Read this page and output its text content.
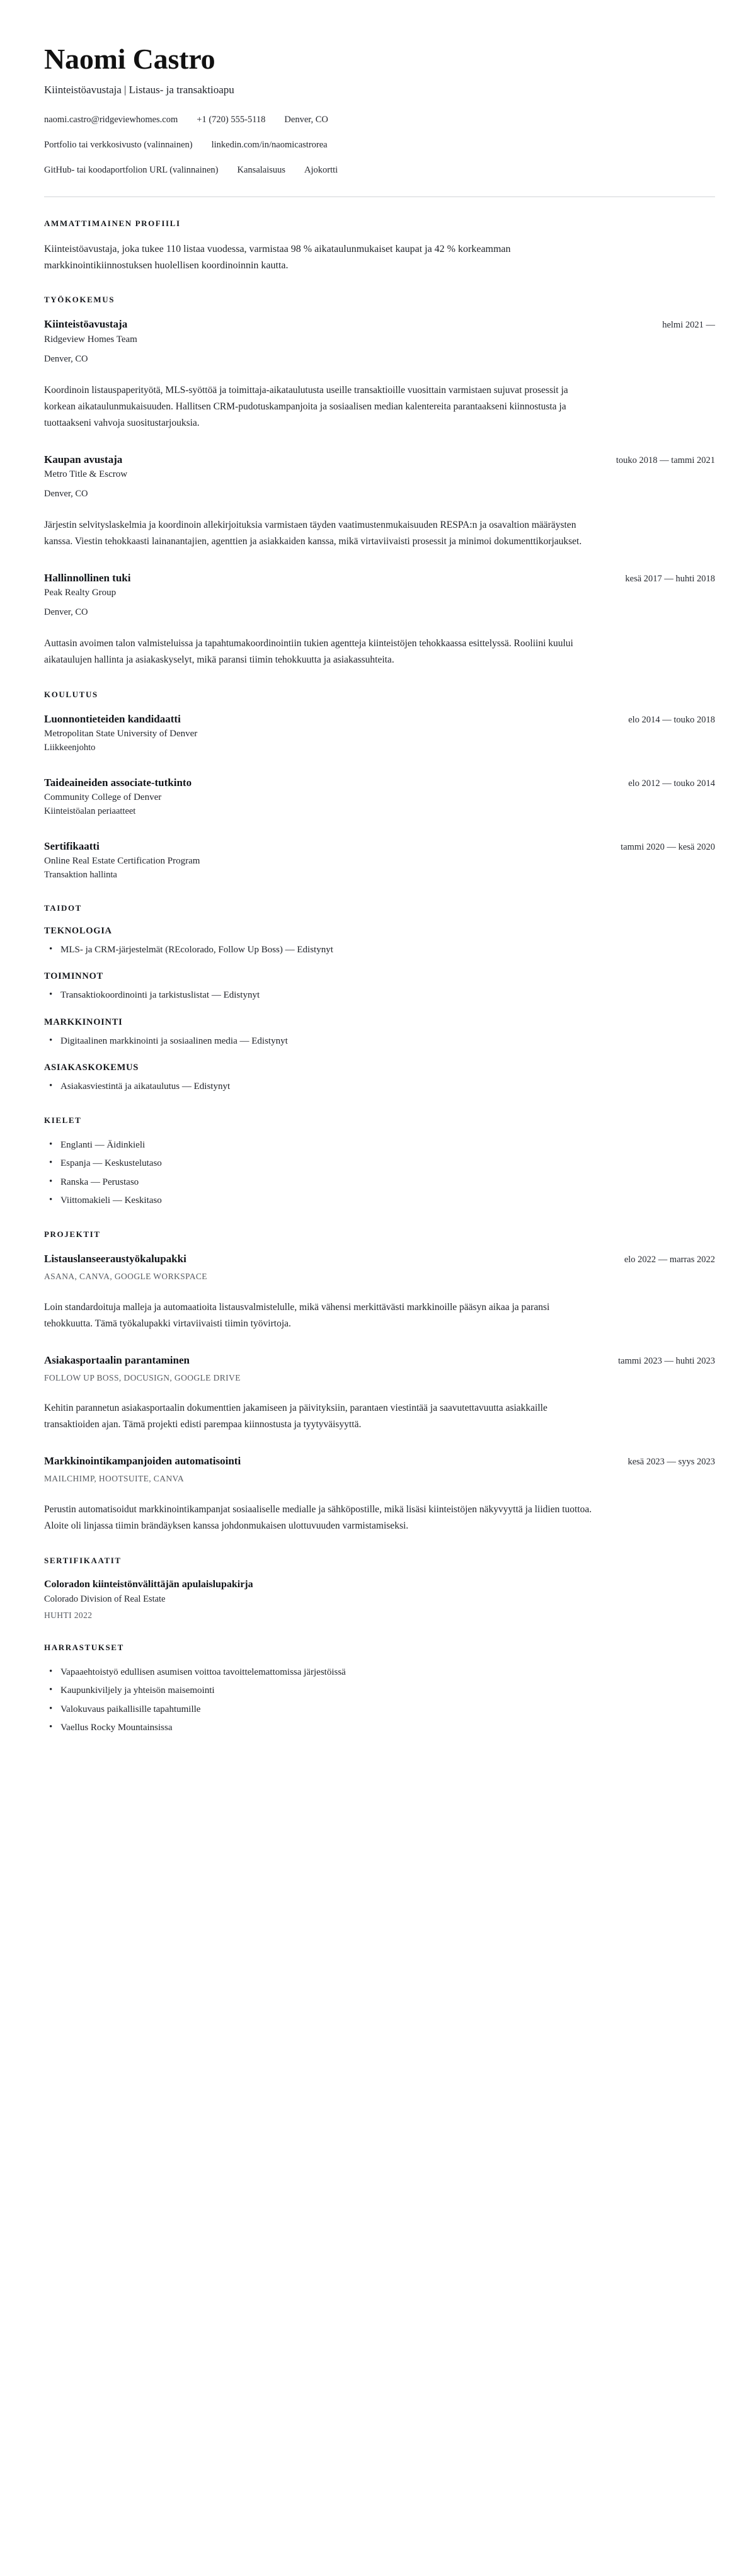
Naomi Castro
Kiinteistöavustaja | Listaus- ja transaktioapu
naomi.castro@ridgeviewhomes.com +1 (720) 555-5118 Denver, CO
Portfolio tai verkkosivusto (valinnainen) linkedin.com/in/naomicastrorea
GitHub- tai koodaportfolion URL (valinnainen) Kansalaisuus Ajokortti
AMMATTIMAINEN PROFIILI

Kiinteistöavustaja, joka tukee 110 listaa vuodessa, varmistaa 98 % aikataulunmukaiset kaupat ja 42 % korkeamman markkinointikiinnostuksen huolellisen koordinoinnin kautta.

TYÖKOKEMUS
Kiinteistöavustaja	helmi 2021 —
Ridgeview Homes Team
Denver, CO

Koordinoin listauspaperityötä, MLS-syöttöä ja toimittaja-aikataulutusta useille transaktioille vuosittain varmistaen sujuvat prosessit ja korkean aikataulunmukaisuuden. Hallitsen CRM-pudotuskampanjoita ja sosiaalisen median kalentereita parantaakseni kiinnostusta ja tuottaakseni vahvoja suositustarjouksia.

Kaupan avustaja	touko 2018 — tammi 2021
Metro Title & Escrow
Denver, CO

Järjestin selvityslaskelmia ja koordinoin allekirjoituksia varmistaen täyden vaatimustenmukaisuuden RESPA:n ja osavaltion määräysten kanssa. Viestin tehokkaasti lainanantajien, agenttien ja asiakkaiden kanssa, mikä virtaviivaisti prosessit ja minimoi dokumenttikorjaukset.

Hallinnollinen tuki	kesä 2017 — huhti 2018
Peak Realty Group
Denver, CO

Auttasin avoimen talon valmisteluissa ja tapahtumakoordinointiin tukien agentteja kiinteistöjen tehokkaassa esittelyssä. Rooliini kuului aikataulujen hallinta ja asiakaskyselyt, mikä paransi tiimin tehokkuutta ja asiakassuhteita.

KOULUTUS
Luonnontieteiden kandidaatti	elo 2014 — touko 2018
Metropolitan State University of Denver
Liikkeenjohto
Taideaineiden associate-tutkinto	elo 2012 — touko 2014
Community College of Denver
Kiinteistöalan periaatteet
Sertifikaatti	tammi 2020 — kesä 2020
Online Real Estate Certification Program
Transaktion hallinta
TAIDOT
TEKNOLOGIA
• MLS- ja CRM-järjestelmät (REcolorado, Follow Up Boss) — Edistynyt
TOIMINNOT
• Transaktiokoordinointi ja tarkistuslistat — Edistynyt
MARKKINOINTI
• Digitaalinen markkinointi ja sosiaalinen media — Edistynyt
ASIAKASKOKEMUS
• Asiakasviestintä ja aikataulutus — Edistynyt
KIELET
• Englanti — Äidinkieli
• Espanja — Keskustelutaso
• Ranska — Perustaso
• Viittomakieli — Keskitaso
PROJEKTIT
Listauslanseeraustyökalupakki	elo 2022 — marras 2022
ASANA, CANVA, GOOGLE WORKSPACE

Loin standardoituja malleja ja automaatioita listausvalmistelulle, mikä vähensi merkittävästi markkinoille pääsyn aikaa ja paransi tehokkuutta. Tämä työkalupakki virtaviivaisti tiimin työvirtoja.

Asiakasportaalin parantaminen	tammi 2023 — huhti 2023
FOLLOW UP BOSS, DOCUSIGN, GOOGLE DRIVE

Kehitin parannetun asiakasportaalin dokumenttien jakamiseen ja päivityksiin, parantaen viestintää ja saavutettavuutta asiakkaille transaktioiden ajan. Tämä projekti edisti parempaa kiinnostusta ja tyytyväisyyttä.

Markkinointikampanjoiden automatisointi	kesä 2023 — syys 2023
MAILCHIMP, HOOTSUITE, CANVA

Perustin automatisoidut markkinointikampanjat sosiaaliselle medialle ja sähköpostille, mikä lisäsi kiinteistöjen näkyvyyttä ja liidien tuottoa. Aloite oli linjassa tiimin brändäyksen kanssa johdonmukaisen ulottuvuuden varmistamiseksi.

SERTIFIKAATIT
Coloradon kiinteistönvälittäjän apulaislupakirja
Colorado Division of Real Estate
HUHTI 2022
HARRASTUKSET
• Vapaaehtoistyö edullisen asumisen voittoa tavoittelemattomissa järjestöissä
• Kaupunkiviljely ja yhteisön maisemointi
• Valokuvaus paikallisille tapahtumille
• Vaellus Rocky Mountainsissa
